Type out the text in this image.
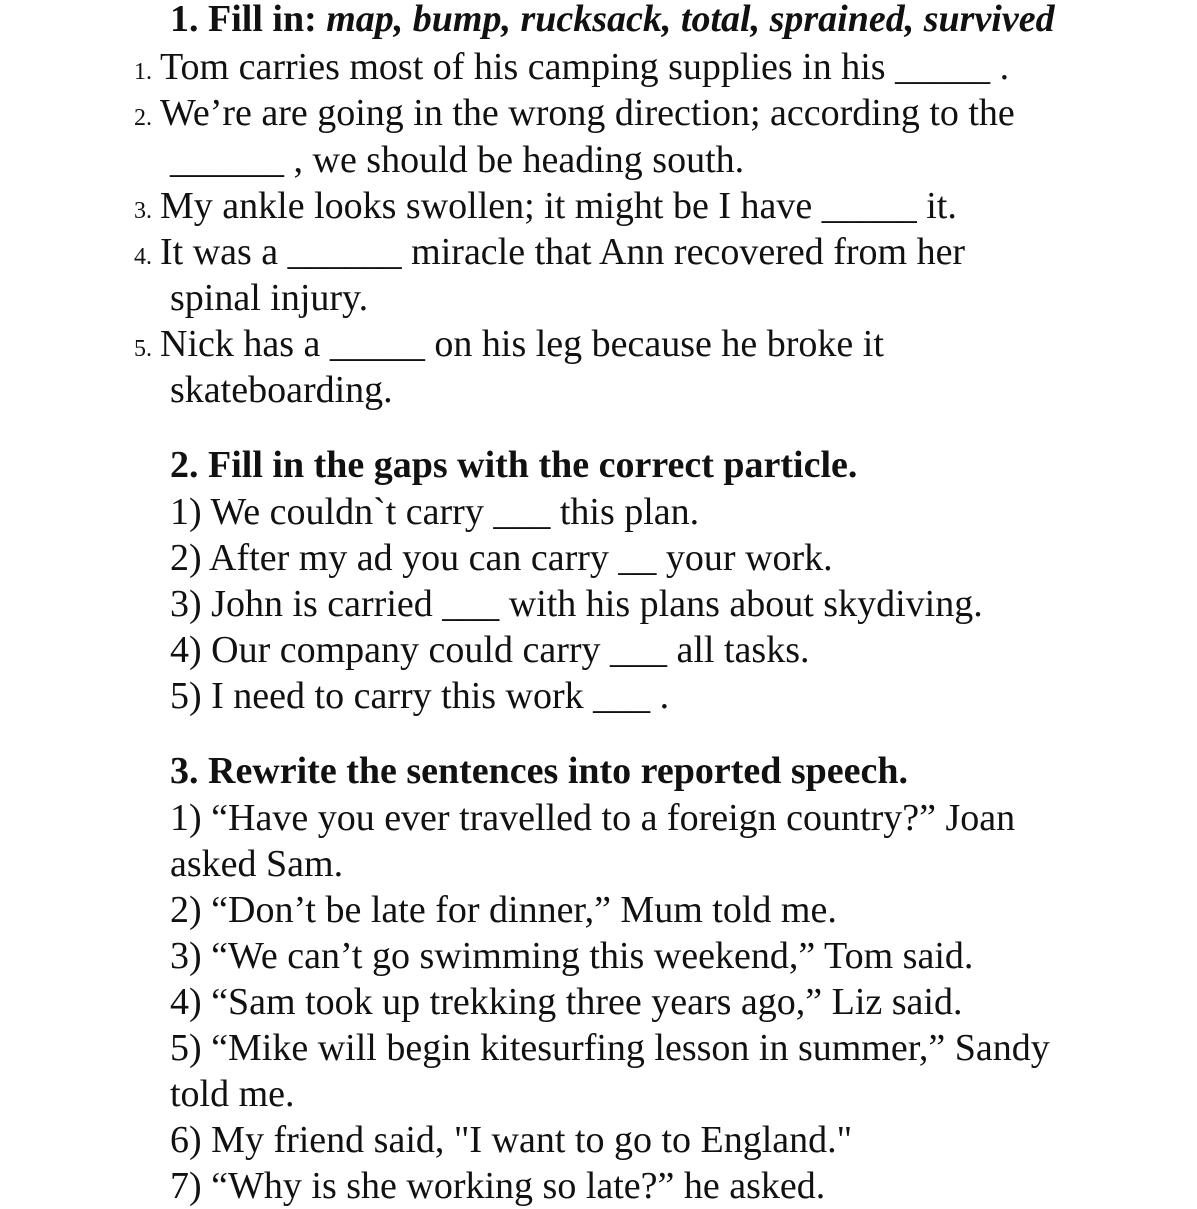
1. Fill in: map, bump, rucksack, total, sprained, survived
1. Tom carries most of his camping supplies in his _____ .
2. We’re are going in the wrong direction; according to the
______ , we should be heading south.
3. My ankle looks swollen; it might be I have _____ it.
4. It was a ______ miracle that Ann recovered from her
spinal injury.
5. Nick has a _____ on his leg because he broke it
skateboarding.
2. Fill in the gaps with the correct particle.
1) We couldn`t carry ___ this plan.
2) After my ad you can carry __ your work.
3) John is carried ___ with his plans about skydiving.
4) Our company could carry ___ all tasks.
5) I need to carry this work ___ .
3. Rewrite the sentences into reported speech.
1) “Have you ever travelled to a foreign country?” Joan
asked Sam.
2) “Don’t be late for dinner,” Mum told me.
3) “We can’t go swimming this weekend,” Tom said.
4) “Sam took up trekking three years ago,” Liz said.
5) “Mike will begin kitesurfing lesson in summer,” Sandy
told me.
6) My friend said, "I want to go to England."
7) “Why is she working so late?” he asked.
